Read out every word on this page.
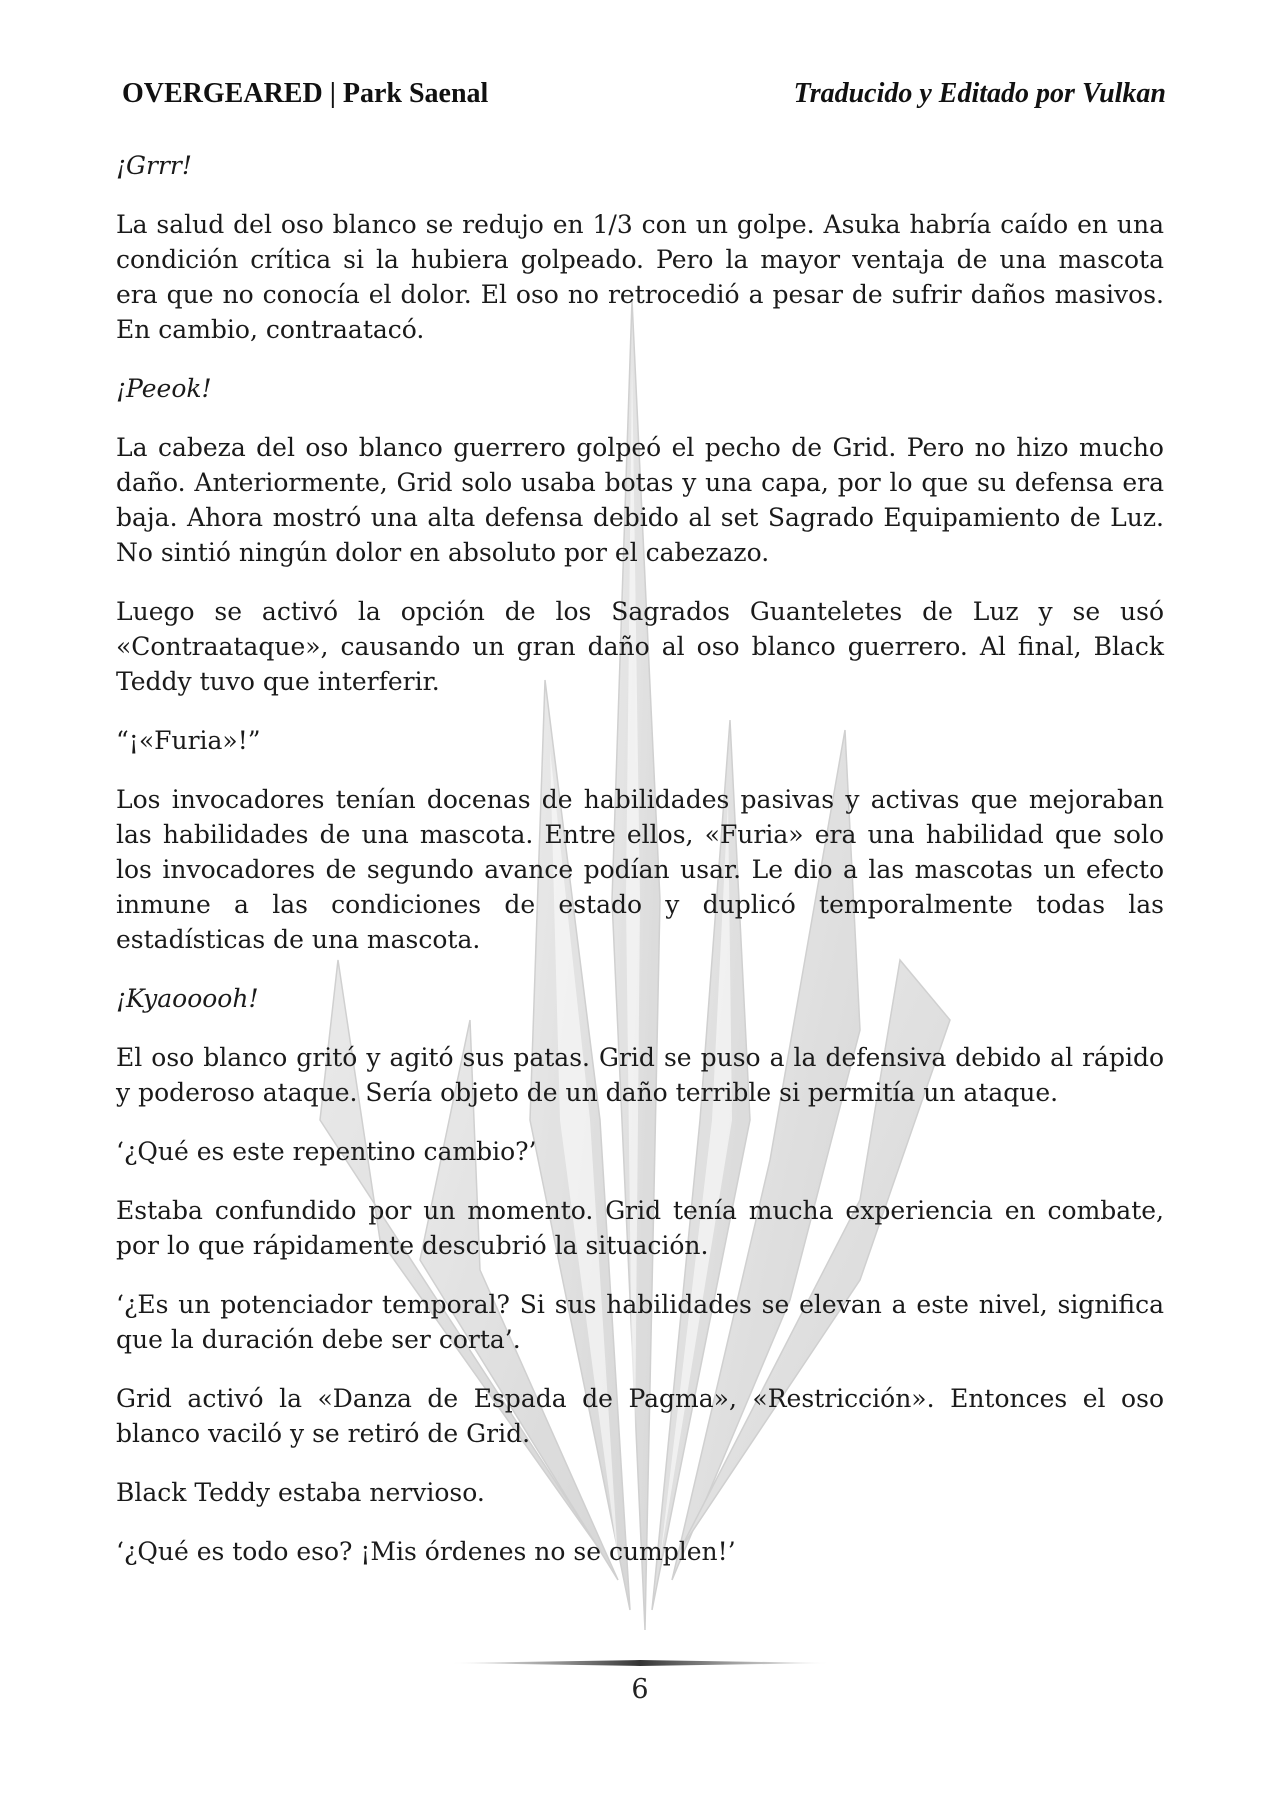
OVERGEARED | Park Saenal	Traducido y Editado por Vulkan

¡Grrr!

La salud del oso blanco se redujo en 1/3 con un golpe. Asuka habría caído en una condición crítica si la hubiera golpeado. Pero la mayor ventaja de una mascota era que no conocía el dolor. El oso no retrocedió a pesar de sufrir daños masivos. En cambio, contraatacó.

¡Peeok!

La cabeza del oso blanco guerrero golpeó el pecho de Grid. Pero no hizo mucho daño. Anteriormente, Grid solo usaba botas y una capa, por lo que su defensa era baja. Ahora mostró una alta defensa debido al set Sagrado Equipamiento de Luz. No sintió ningún dolor en absoluto por el cabezazo.

Luego se activó la opción de los Sagrados Guanteletes de Luz y se usó «Contraataque», causando un gran daño al oso blanco guerrero. Al final, Black Teddy tuvo que interferir.

“¡«Furia»!”

Los invocadores tenían docenas de habilidades pasivas y activas que mejoraban las habilidades de una mascota. Entre ellos, «Furia» era una habilidad que solo los invocadores de segundo avance podían usar. Le dio a las mascotas un efecto inmune a las condiciones de estado y duplicó temporalmente todas las estadísticas de una mascota.

¡Kyaooooh!

El oso blanco gritó y agitó sus patas. Grid se puso a la defensiva debido al rápido y poderoso ataque. Sería objeto de un daño terrible si permitía un ataque.

‘¿Qué es este repentino cambio?’

Estaba confundido por un momento. Grid tenía mucha experiencia en combate, por lo que rápidamente descubrió la situación.

‘¿Es un potenciador temporal? Si sus habilidades se elevan a este nivel, significa que la duración debe ser corta’.

Grid activó la «Danza de Espada de Pagma», «Restricción». Entonces el oso blanco vaciló y se retiró de Grid.

Black Teddy estaba nervioso.

‘¿Qué es todo eso? ¡Mis órdenes no se cumplen!’

6
